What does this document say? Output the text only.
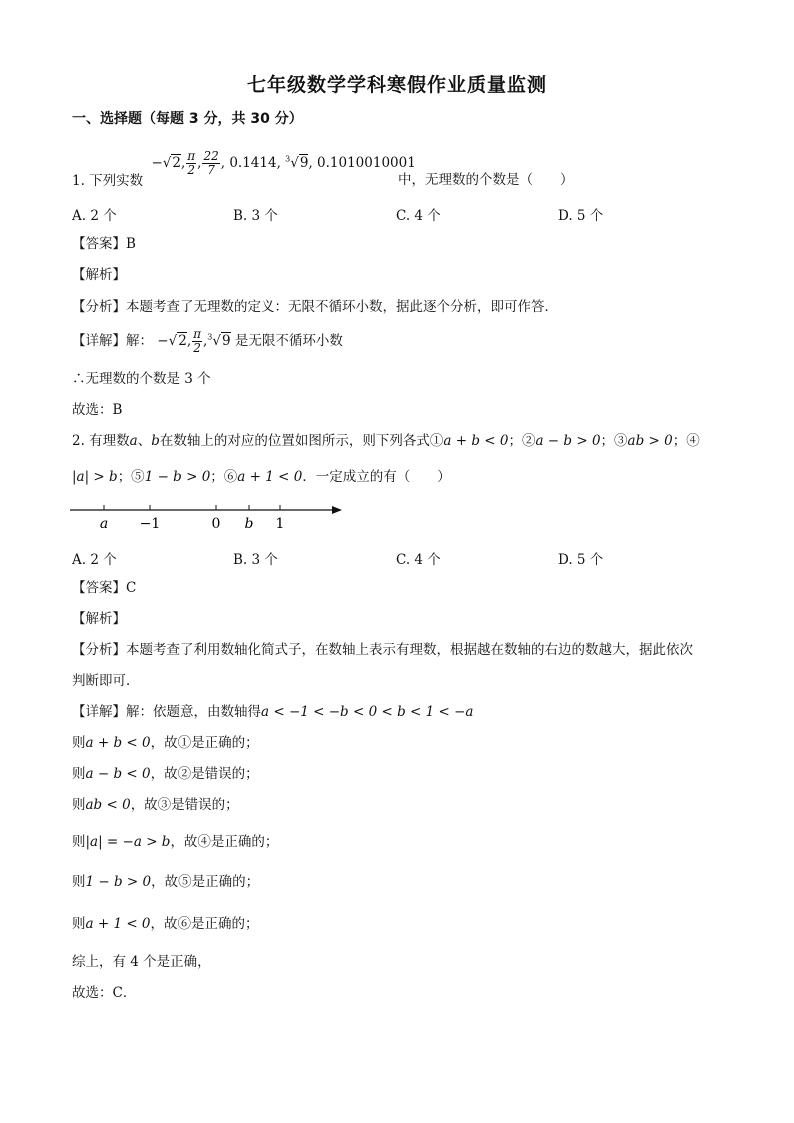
七年级数学学科寒假作业质量监测
一、选择题（每题 3 分，共 30 分）
1. 下列实数 −√2, $\frac{\pi}{2}$ , $\frac{22}{7}$ , 0.1414, $^3$√9, 0.1010010001
中，无理数的个数是（　　）
A. 2 个	B. 3 个	C. 4 个	D. 5 个
【答案】B
【解析】
【分析】本题考查了无理数的定义：无限不循环小数，据此逐个分析，即可作答．
【详解】解： −√2, $\frac{\pi}{2} ,^3√9$ 是无限不循环小数
∴无理数的个数是 3 个
故选：B
2. 有理数a、b在数轴上的对应的位置如图所示，则下列各式①a + b < 0；②a − b > 0；③ab > 0；④
|a| > b；⑤1 − b > 0；⑥a + 1 < 0．一定成立的有（　　）
a −1	0 b 1
A. 2 个	B. 3 个	C. 4 个	D. 5 个
【答案】C
【解析】
【分析】本题考查了利用数轴化简式子，在数轴上表示有理数，根据越在数轴的右边的数越大，据此依次
判断即可．
【详解】解：依题意，由数轴得a < −1 < −b < 0 < b < 1 < −a
则a + b < 0，故①是正确的；
则a − b < 0，故②是错误的；
则ab < 0，故③是错误的；
则|a| = −a > b，故④是正确的；
则1 − b > 0，故⑤是正确的；
则a + 1 < 0，故⑥是正确的；
综上，有 4 个是正确，
故选：C．
